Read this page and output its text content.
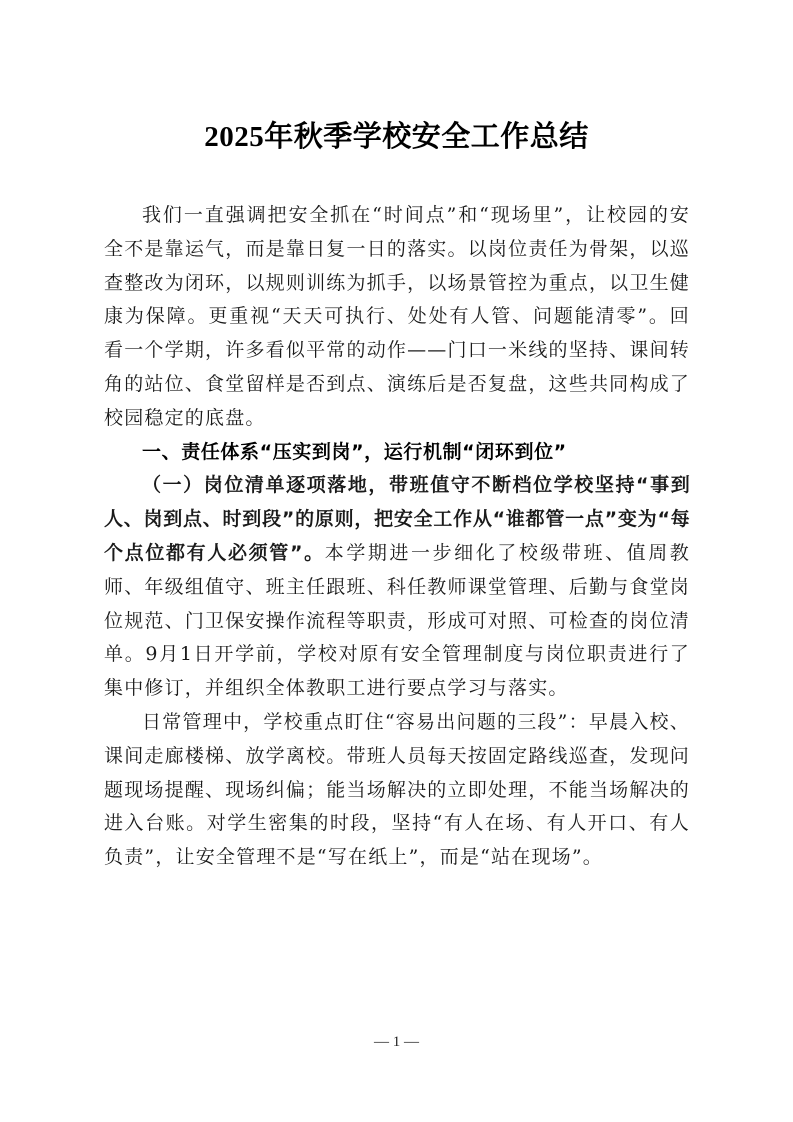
2025年秋季学校安全工作总结

我们一直强调把安全抓在“时间点”和“现场里”，让校园的安全不是靠运气，而是靠日复一日的落实。以岗位责任为骨架，以巡查整改为闭环，以规则训练为抓手，以场景管控为重点，以卫生健康为保障。更重视“天天可执行、处处有人管、问题能清零”。回看一个学期，许多看似平常的动作——门口一米线的坚持、课间转角的站位、食堂留样是否到点、演练后是否复盘，这些共同构成了校园稳定的底盘。

一、责任体系“压实到岗”，运行机制“闭环到位”

（一）岗位清单逐项落地，带班值守不断档位学校坚持“事到人、岗到点、时到段”的原则，把安全工作从“谁都管一点”变为“每个点位都有人必须管”。本学期进一步细化了校级带班、值周教师、年级组值守、班主任跟班、科任教师课堂管理、后勤与食堂岗位规范、门卫保安操作流程等职责，形成可对照、可检查的岗位清单。9月1日开学前，学校对原有安全管理制度与岗位职责进行了集中修订，并组织全体教职工进行要点学习与落实。

日常管理中，学校重点盯住“容易出问题的三段”：早晨入校、课间走廊楼梯、放学离校。带班人员每天按固定路线巡查，发现问题现场提醒、现场纠偏；能当场解决的立即处理，不能当场解决的进入台账。对学生密集的时段，坚持“有人在场、有人开口、有人负责”，让安全管理不是“写在纸上”，而是“站在现场”。

— 1 —
